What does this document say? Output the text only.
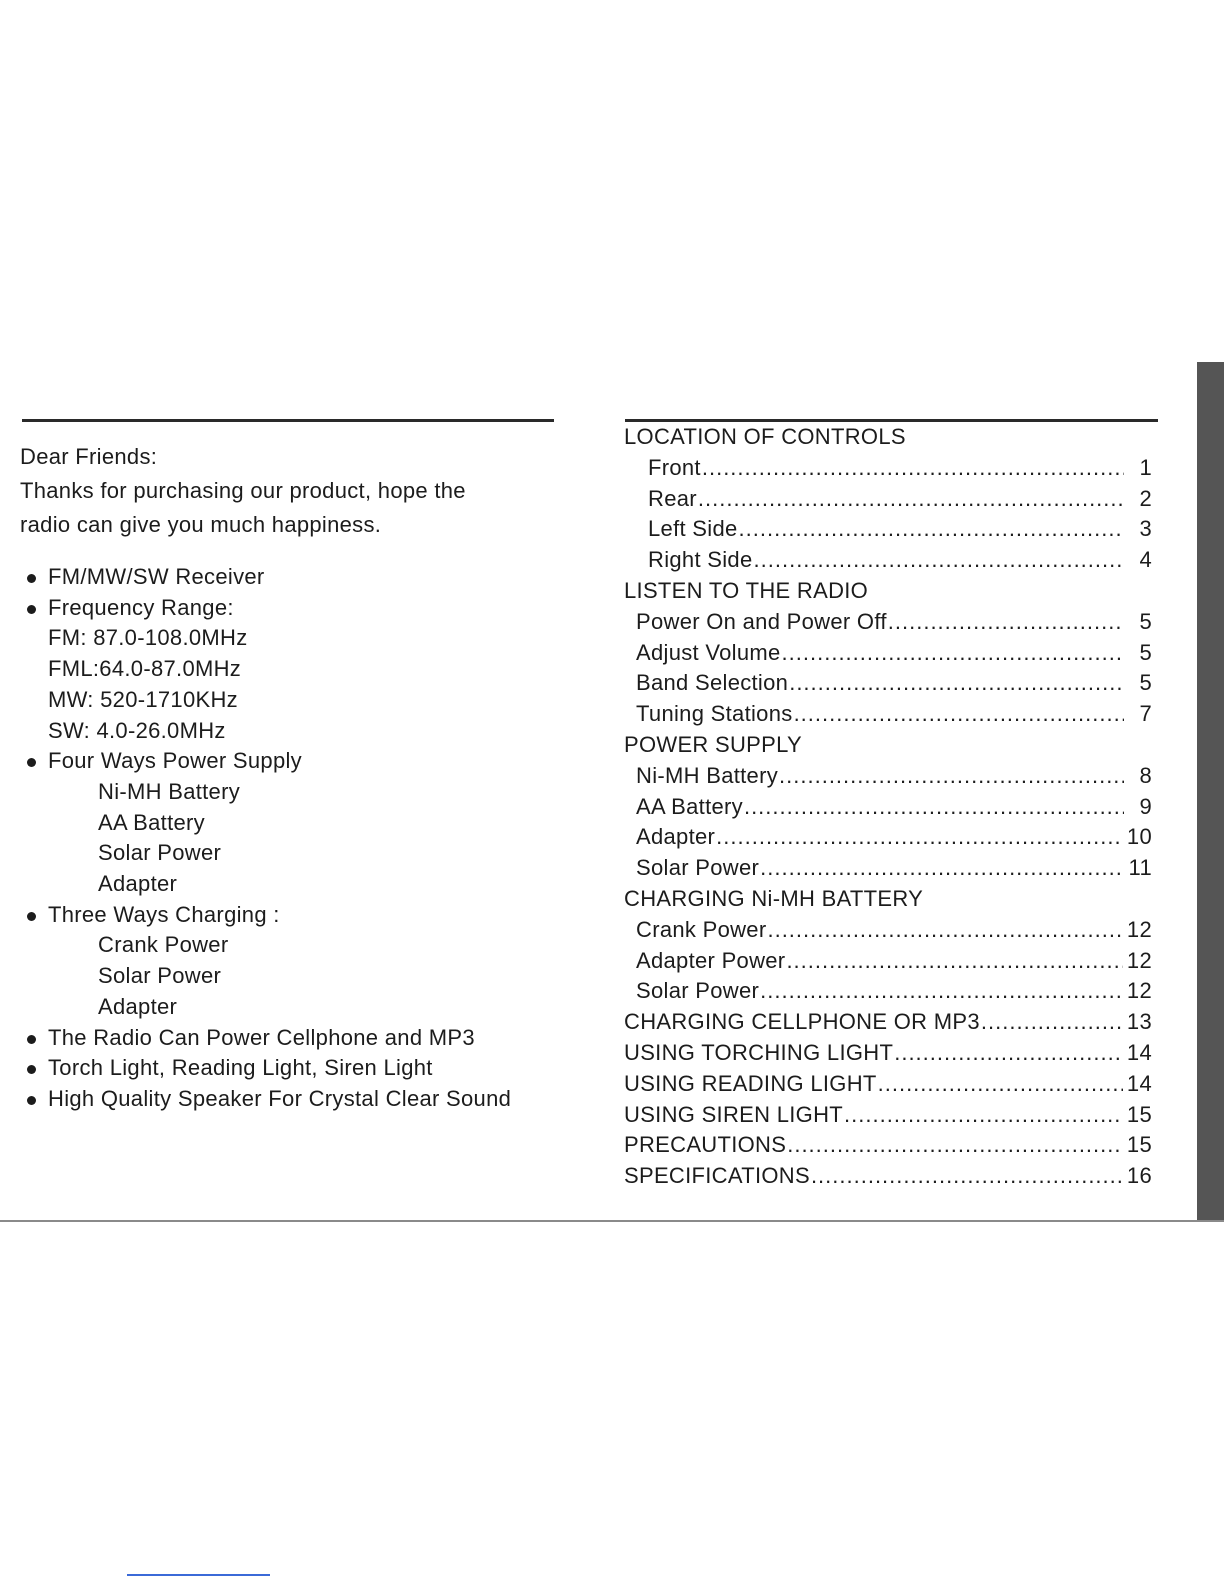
Dear Friends:

Thanks for purchasing our product, hope the

radio can give you much happiness.

FM/MW/SW Receiver
Frequency Range:
FM: 87.0-108.0MHz
FML:64.0-87.0MHz
MW: 520-1710KHz
SW: 4.0-26.0MHz
Four Ways Power Supply
Ni-MH Battery
AA Battery
Solar Power
Adapter
Three Ways Charging :
Crank Power
Solar Power
Adapter
The Radio Can Power Cellphone and MP3
Torch Light, Reading Light, Siren Light
High Quality Speaker For Crystal Clear Sound
LOCATION OF CONTROLS
Front .....	1
Rear .....	2
Left Side .....	3
Right Side .....	4
LISTEN TO THE RADIO
Power On and Power Off .....	5
Adjust Volume .....	5
Band Selection .....	5
Tuning Stations .....	7
POWER SUPPLY
Ni-MH Battery .....	8
AA Battery .....	9
Adapter .....	10
Solar Power .....	11
CHARGING Ni-MH BATTERY
Crank Power .....	12
Adapter Power .....	12
Solar Power .....	12
CHARGING CELLPHONE OR MP3 .....	13
USING TORCHING LIGHT .....	14
USING READING LIGHT .....	14
USING SIREN LIGHT .....	15
PRECAUTIONS .....	15
SPECIFICATIONS .....	16
